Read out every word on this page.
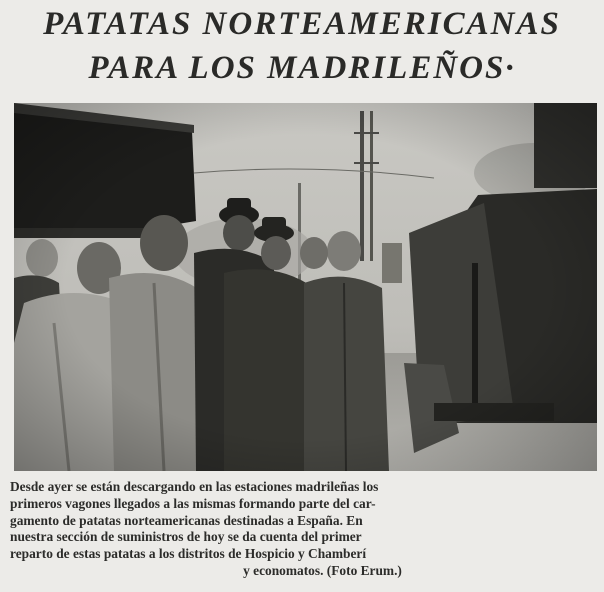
PATATAS NORTEAMERICANAS
PARA LOS MADRILEÑOS·
Desde ayer se están descargando en las estaciones madrileñas los
primeros vagones llegados a las mismas formando parte del car-
gamento de patatas norteamericanas destinadas a España. En
nuestra sección de suministros de hoy se da cuenta del primer
reparto de estas patatas a los distritos de Hospicio y Chamberí
y economatos. (Foto Erum.)
